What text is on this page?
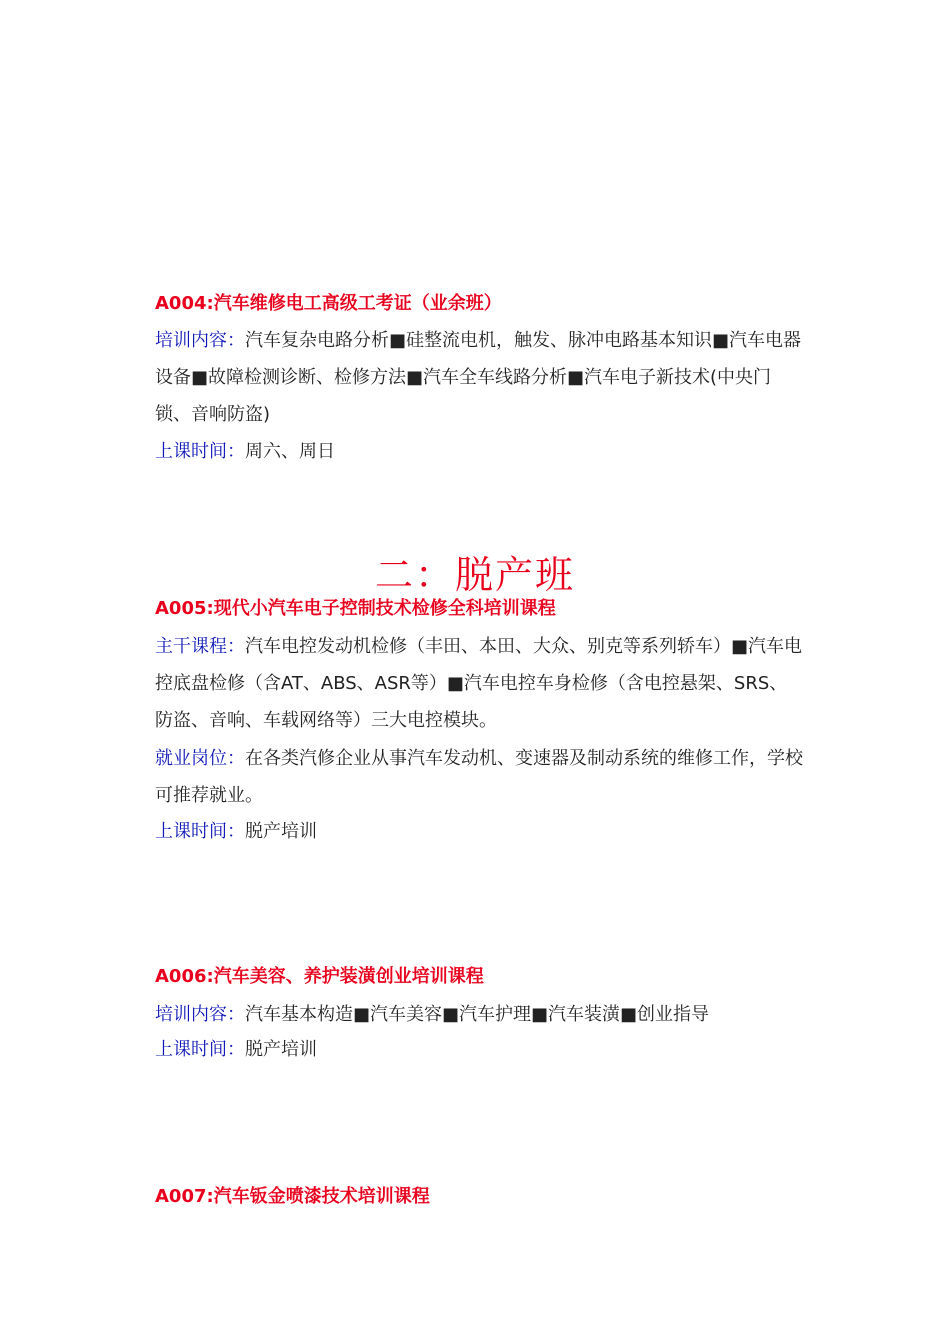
A004:汽车维修电工高级工考证（业余班）
培训内容：汽车复杂电路分析■硅整流电机，触发、脉冲电路基本知识■汽车电器设备■故障检测诊断、检修方法■汽车全车线路分析■汽车电子新技术(中央门锁、音响防盗)
上课时间：周六、周日
二：脱产班
A005:现代小汽车电子控制技术检修全科培训课程
主干课程：汽车电控发动机检修（丰田、本田、大众、别克等系列轿车）■汽车电控底盘检修（含AT、ABS、ASR等）■汽车电控车身检修（含电控悬架、SRS、防盗、音响、车载网络等）三大电控模块。
就业岗位：在各类汽修企业从事汽车发动机、变速器及制动系统的维修工作，学校可推荐就业。
上课时间：脱产培训
A006:汽车美容、养护装潢创业培训课程
培训内容：汽车基本构造■汽车美容■汽车护理■汽车装潢■创业指导
上课时间：脱产培训
A007:汽车钣金喷漆技术培训课程
